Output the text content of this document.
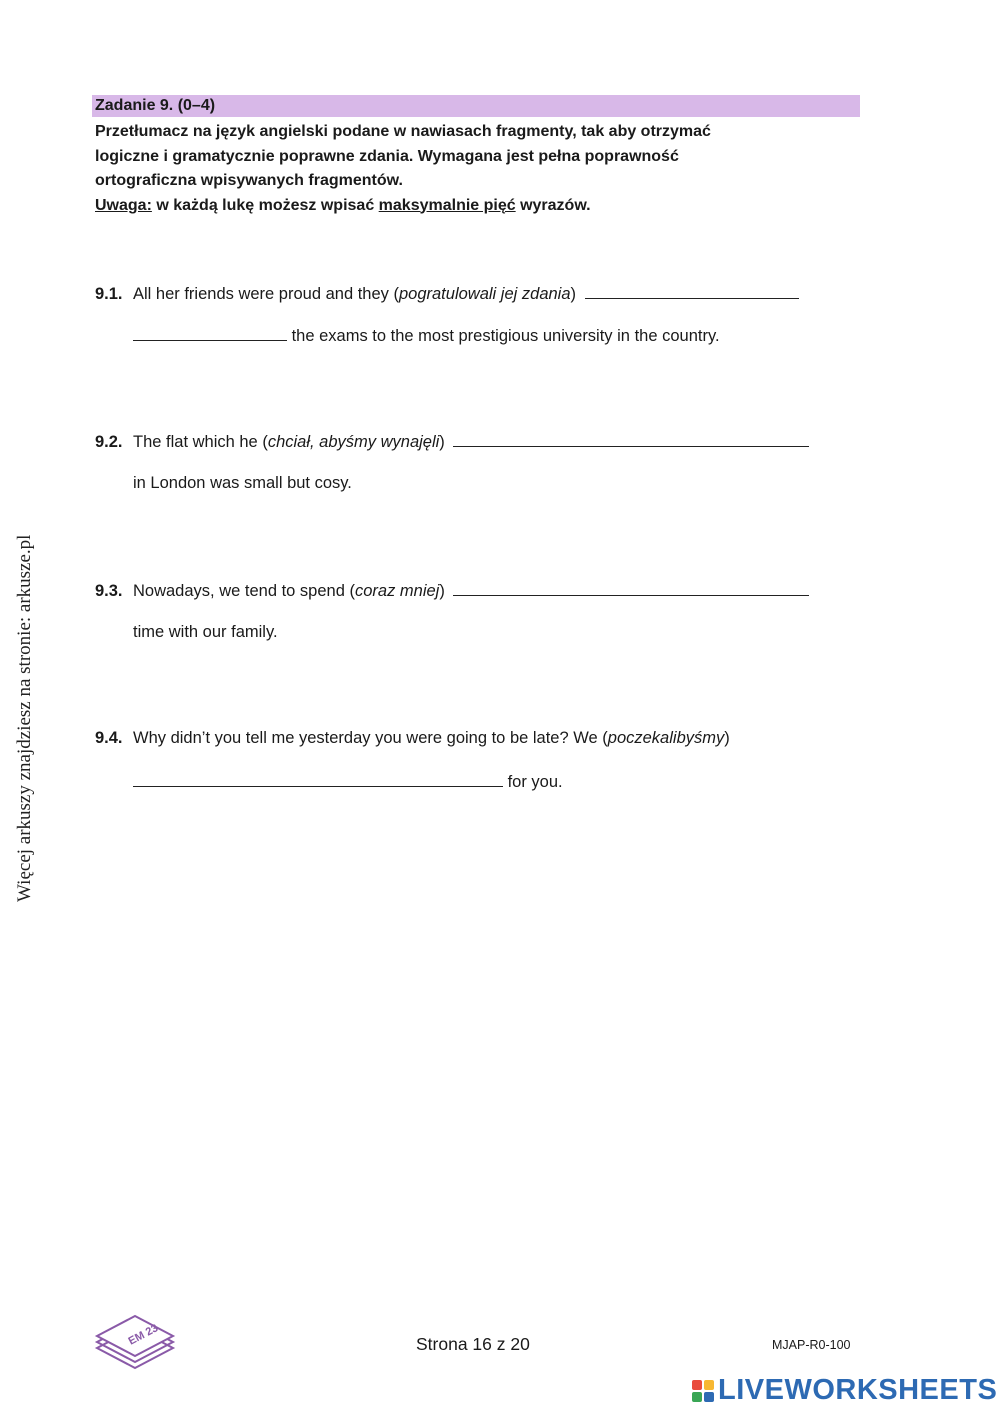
Więcej arkuszy znajdziesz na stronie: arkusze.pl
Zadanie 9. (0–4)
Przetłumacz na język angielski podane w nawiasach fragmenty, tak aby otrzymać
logiczne i gramatycznie poprawne zdania. Wymagana jest pełna poprawność
ortograficzna wpisywanych fragmentów.
Uwaga: w każdą lukę możesz wpisać maksymalnie pięć wyrazów.
9.1. All her friends were proud and they (pogratulowali jej zdania)
the exams to the most prestigious university in the country.
9.2. The flat which he (chciał, abyśmy wynajęli)
in London was small but cosy.
9.3. Nowadays, we tend to spend (coraz mniej)
time with our family.
9.4. Why didn’t you tell me yesterday you were going to be late? We (poczekalibyśmy)
for you.
EM 23	Strona 16 z 20	MJAP-R0-100
LIVEWORKSHEETS
